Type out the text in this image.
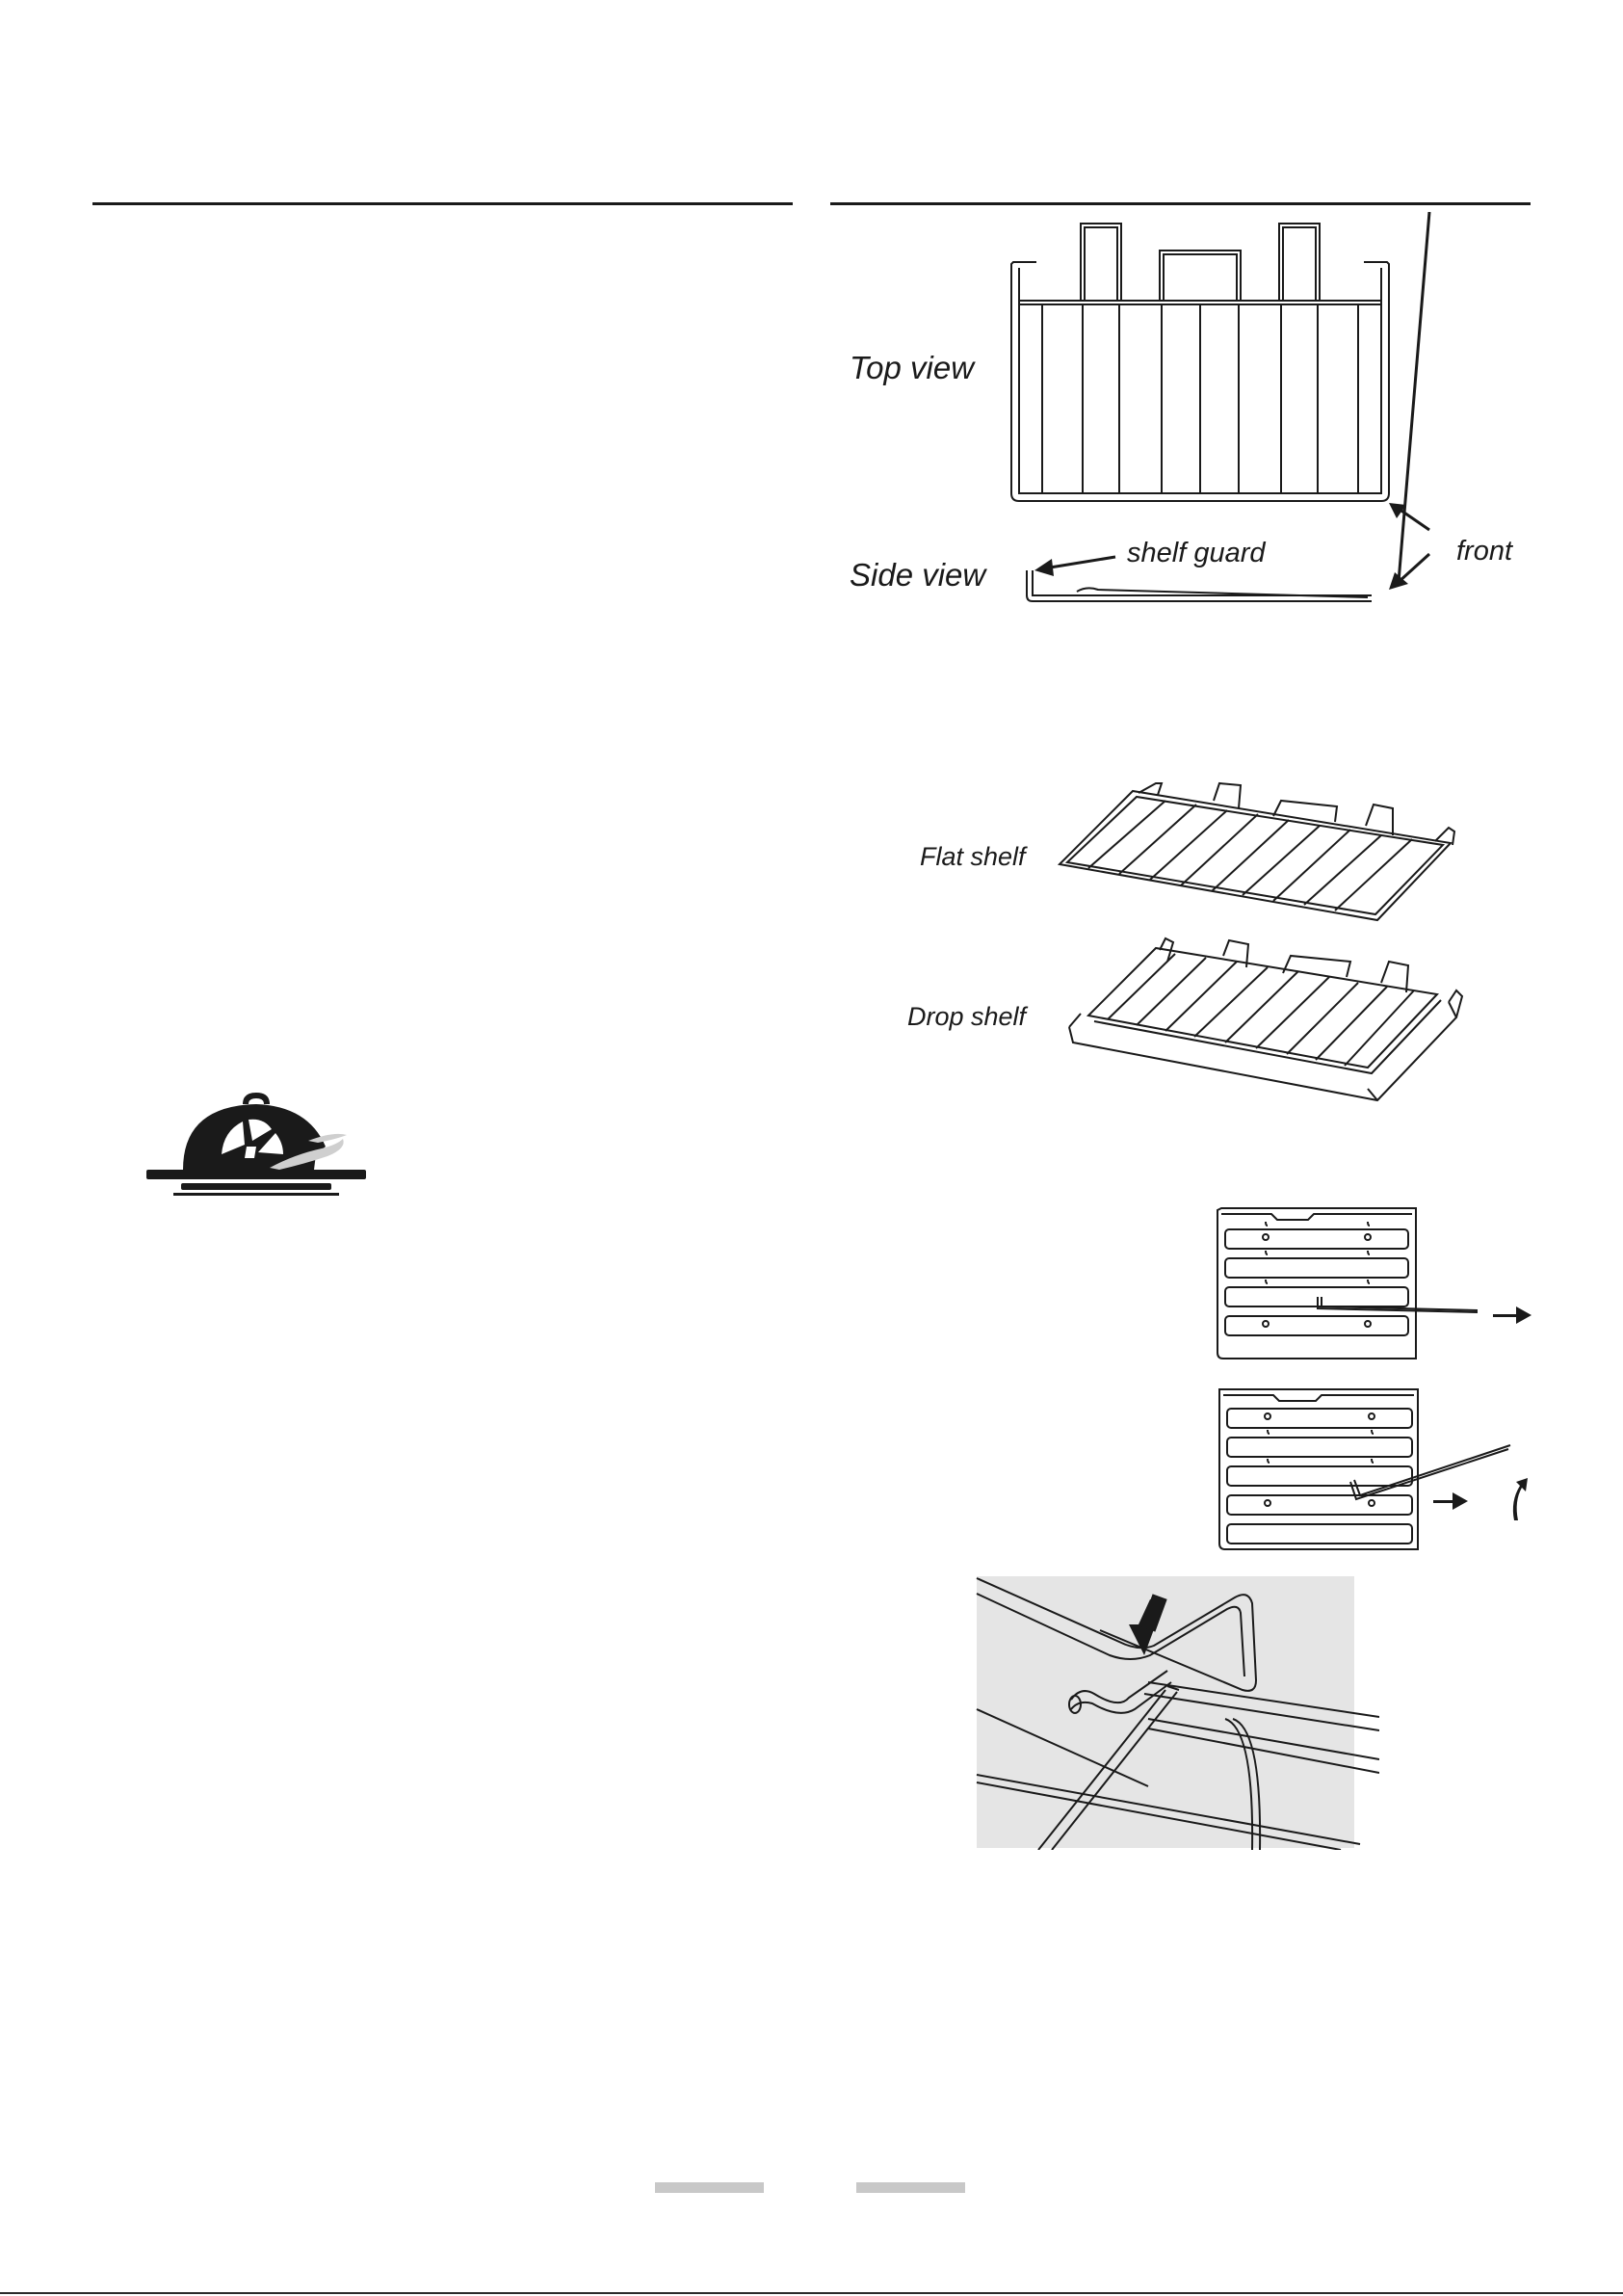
Top view
Side view
shelf guard	front
Flat shelf
Drop shelf
